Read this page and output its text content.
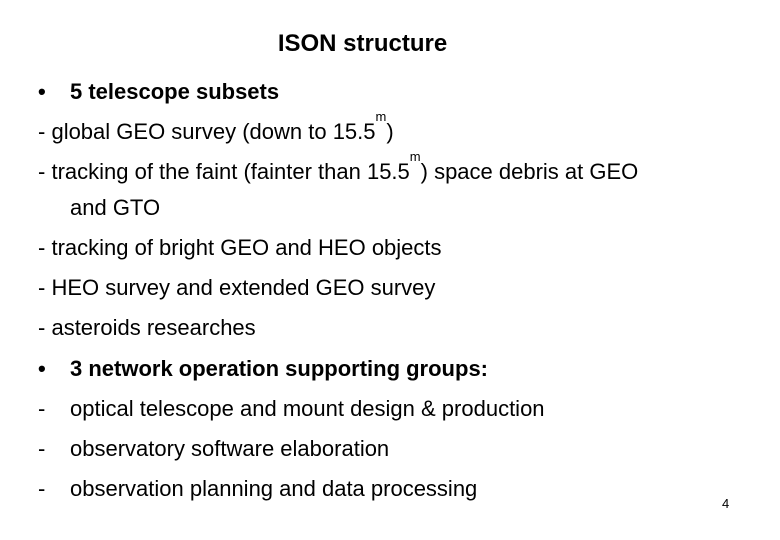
ISON structure
• 5 telescope subsets
- global GEO survey (down to 15.5$^m$)
- tracking of the faint (fainter than 15.5$^m$) space debris at GEO
and GTO
- tracking of bright GEO and HEO objects
- HEO survey and extended GEO survey
- asteroids researches
• 3 network operation supporting groups:
- optical telescope and mount design & production
- observatory software elaboration
- observation planning and data processing
4
